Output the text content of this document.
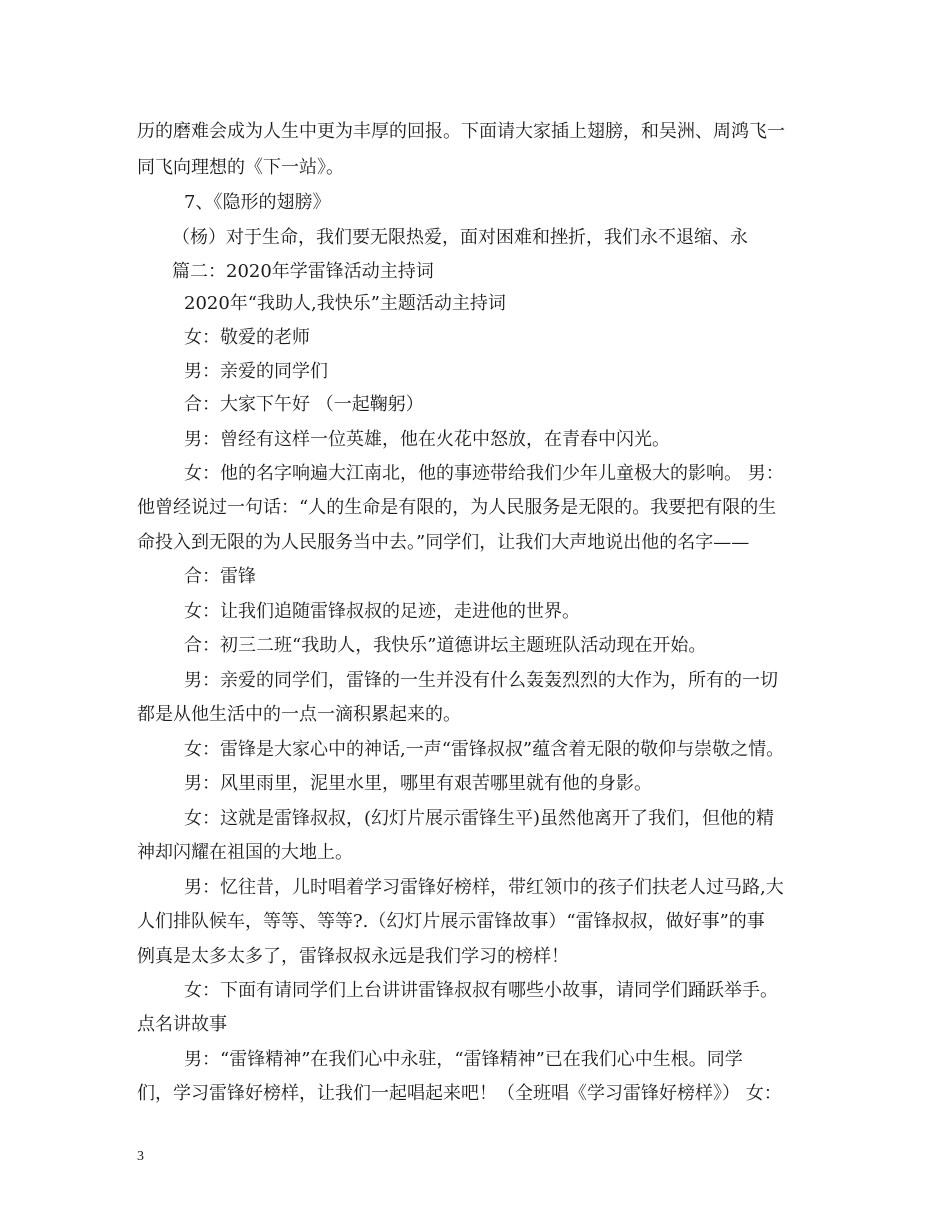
历的磨难会成为人生中更为丰厚的回报。下面请大家插上翅膀，和吴洲、周鸿飞一
同飞向理想的《下一站》。
7、《隐形的翅膀》
（杨）对于生命，我们要无限热爱，面对困难和挫折，我们永不退缩、永
篇二：2020年学雷锋活动主持词
2020年“我助人,我快乐”主题活动主持词
女：敬爱的老师
男：亲爱的同学们
合：大家下午好 （一起鞠躬）
男：曾经有这样一位英雄，他在火花中怒放，在青春中闪光。
女：他的名字响遍大江南北，他的事迹带给我们少年儿童极大的影响。 男：
他曾经说过一句话：“人的生命是有限的，为人民服务是无限的。我要把有限的生
命投入到无限的为人民服务当中去。”同学们，让我们大声地说出他的名字——
合：雷锋
女：让我们追随雷锋叔叔的足迹，走进他的世界。
合：初三二班“我助人，我快乐”道德讲坛主题班队活动现在开始。
男：亲爱的同学们，雷锋的一生并没有什么轰轰烈烈的大作为，所有的一切
都是从他生活中的一点一滴积累起来的。
女：雷锋是大家心中的神话,一声“雷锋叔叔”蕴含着无限的敬仰与崇敬之情。
男：风里雨里，泥里水里，哪里有艰苦哪里就有他的身影。
女：这就是雷锋叔叔，(幻灯片展示雷锋生平)虽然他离开了我们，但他的精
神却闪耀在祖国的大地上。
男：忆往昔，儿时唱着学习雷锋好榜样，带红领巾的孩子们扶老人过马路,大
人们排队候车，等等、等等?.（幻灯片展示雷锋故事）“雷锋叔叔，做好事”的事
例真是太多太多了，雷锋叔叔永远是我们学习的榜样！
女：下面有请同学们上台讲讲雷锋叔叔有哪些小故事，请同学们踊跃举手。
点名讲故事
男：“雷锋精神”在我们心中永驻，“雷锋精神”已在我们心中生根。同学
们，学习雷锋好榜样，让我们一起唱起来吧！（全班唱《学习雷锋好榜样》） 女：
3
